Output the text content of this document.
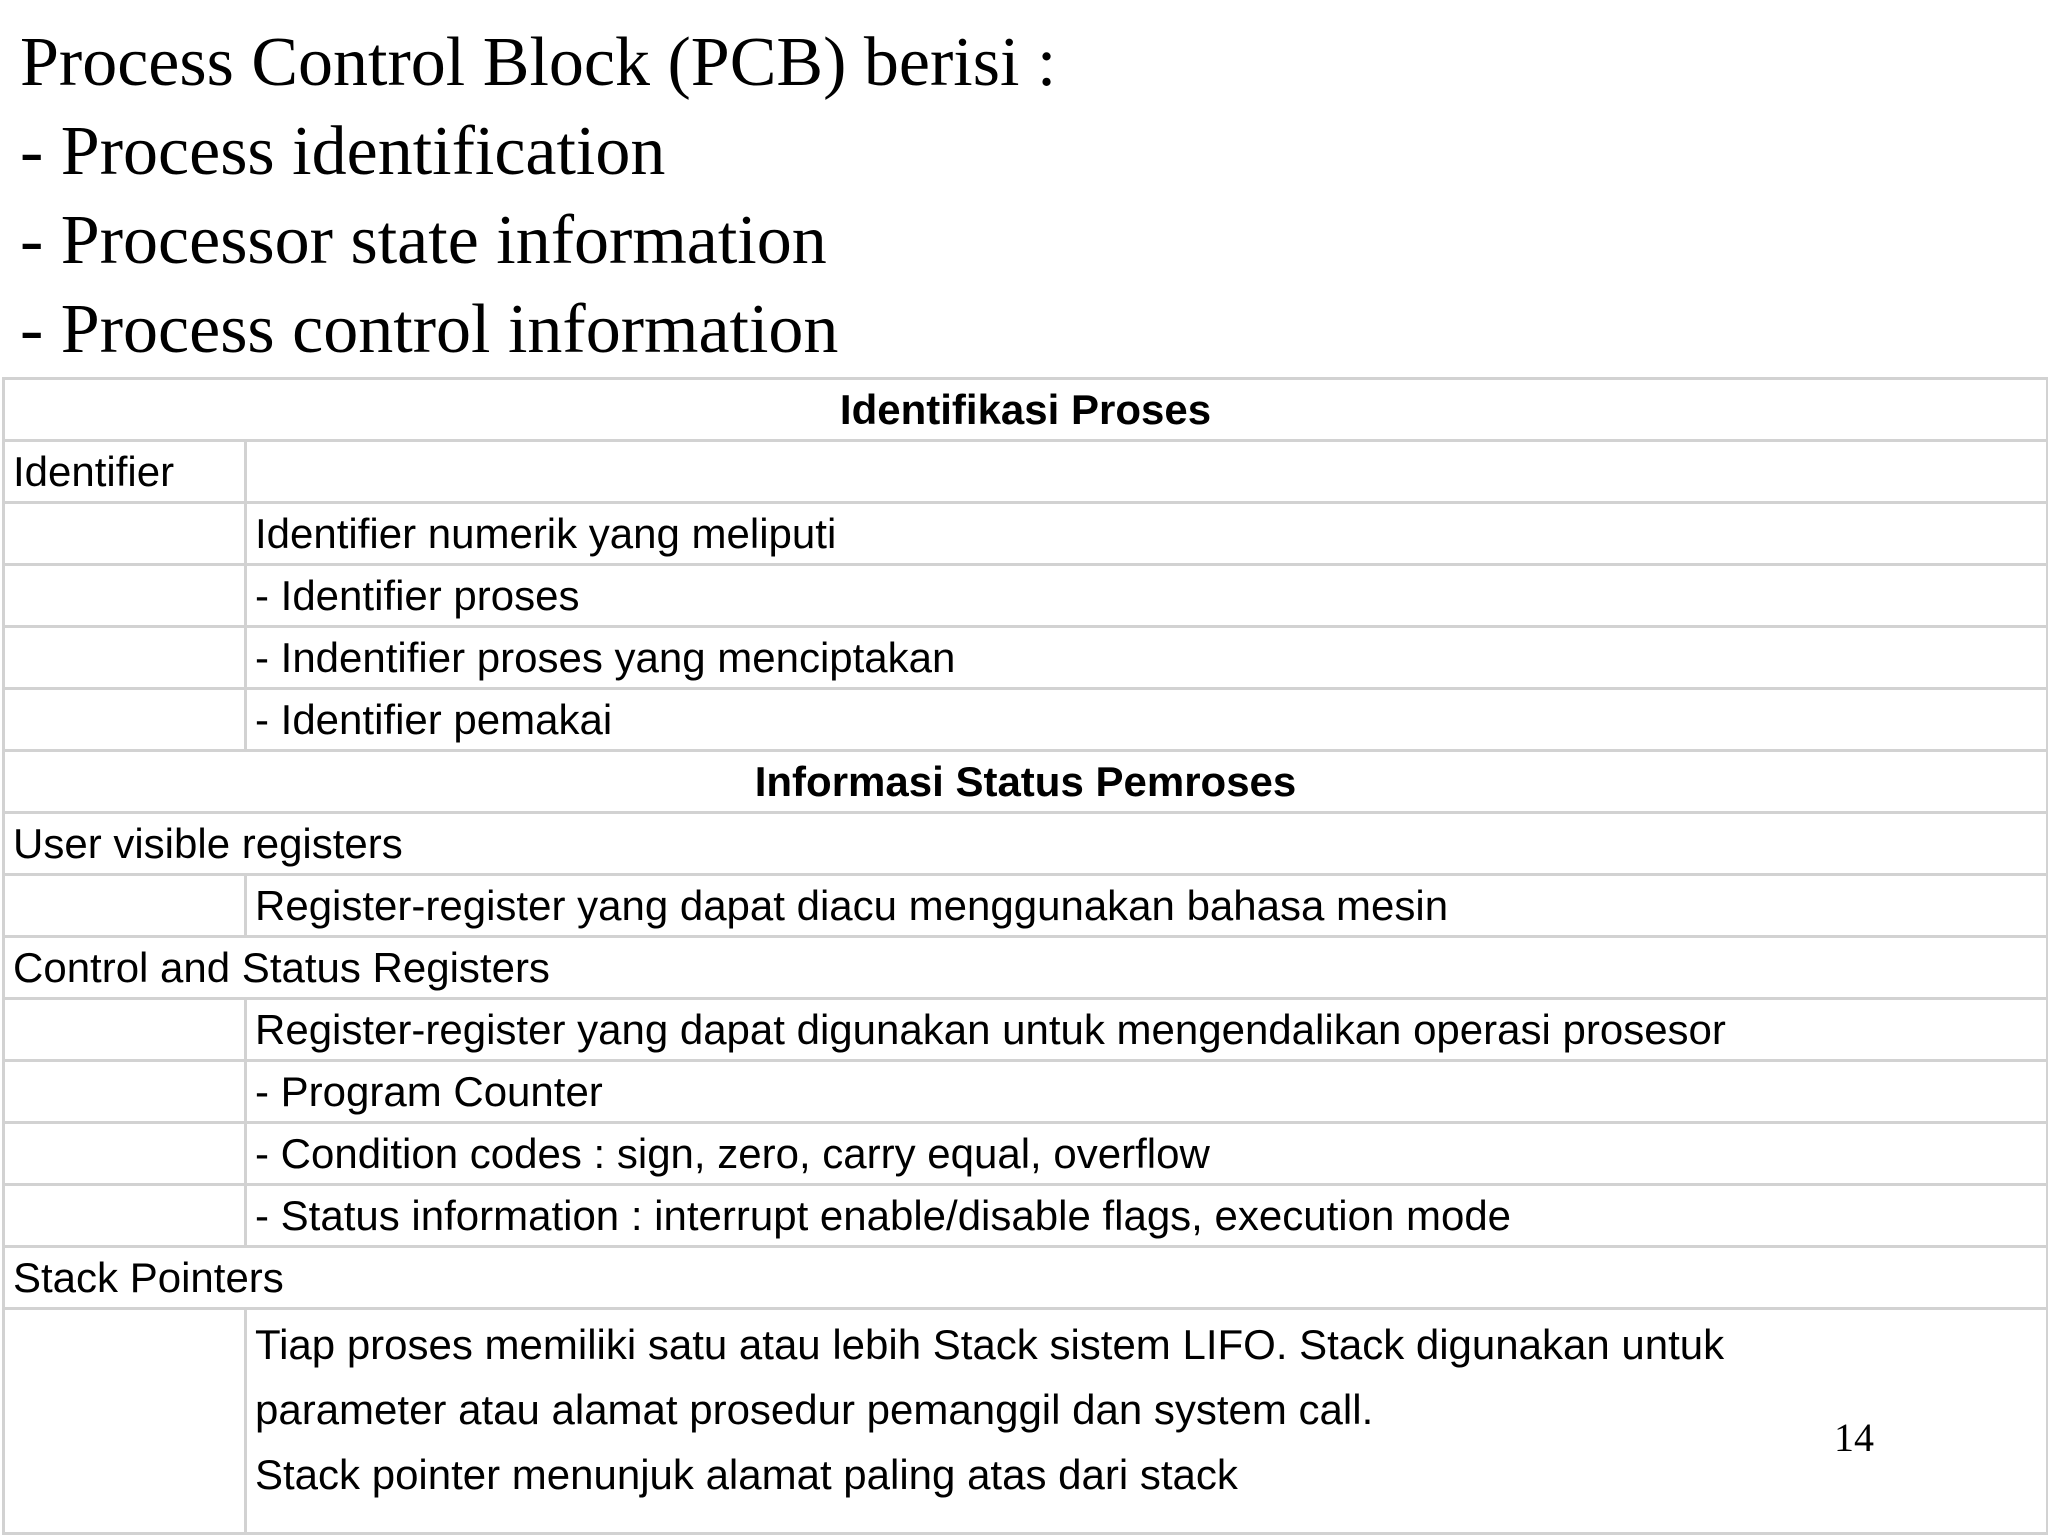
Process Control Block (PCB) berisi :
- Process identification
- Processor state information
- Process control information
Identifikasi Proses	
Identifier	
	Identifier numerik yang meliputi
	- Identifier proses
	- Indentifier proses yang menciptakan
	- Identifier pemakai
Informasi Status Pemroses	
User visible registers	
	Register-register yang dapat diacu menggunakan bahasa mesin
Control and Status Registers	
	Register-register yang dapat digunakan untuk mengendalikan operasi prosesor
	- Program Counter
	- Condition codes : sign, zero, carry equal, overflow
	- Status information : interrupt enable/disable flags, execution mode
Stack Pointers	

	Tiap proses memiliki satu atau lebih Stack sistem LIFO. Stack digunakan untuk
parameter atau alamat prosedur pemanggil dan system call.
Stack pointer menunjuk alamat paling atas dari stack
14
